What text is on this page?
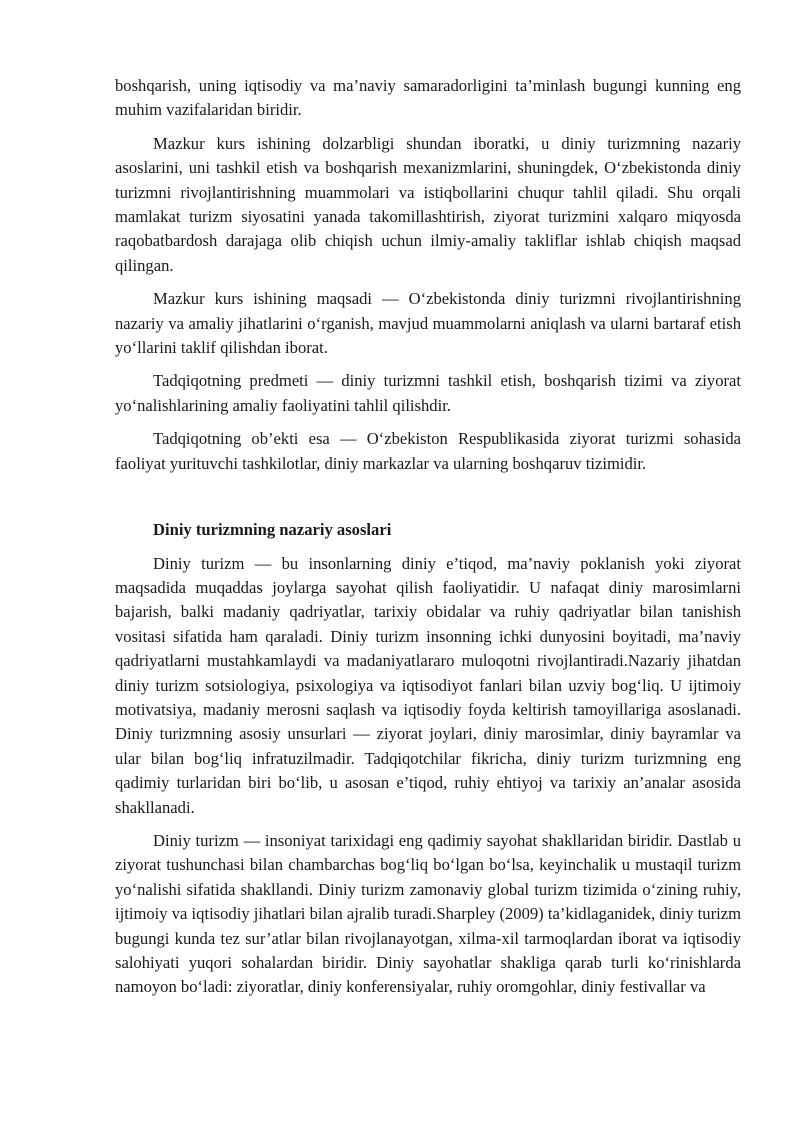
boshqarish, uning iqtisodiy va ma’naviy samaradorligini ta’minlash bugungi kunning eng muhim vazifalaridan biridir.

Mazkur kurs ishining dolzarbligi shundan iboratki, u diniy turizmning nazariy asoslarini, uni tashkil etish va boshqarish mexanizmlarini, shuningdek, O‘zbekistonda diniy turizmni rivojlantirishning muammolari va istiqbollarini chuqur tahlil qiladi. Shu orqali mamlakat turizm siyosatini yanada takomillashtirish, ziyorat turizmini xalqaro miqyosda raqobatbardosh darajaga olib chiqish uchun ilmiy-amaliy takliflar ishlab chiqish maqsad qilingan.

Mazkur kurs ishining maqsadi — O‘zbekistonda diniy turizmni rivojlantirishning nazariy va amaliy jihatlarini o‘rganish, mavjud muammolarni aniqlash va ularni bartaraf etish yo‘llarini taklif qilishdan iborat.

Tadqiqotning predmeti — diniy turizmni tashkil etish, boshqarish tizimi va ziyorat yo‘nalishlarining amaliy faoliyatini tahlil qilishdir.

Tadqiqotning ob’ekti esa — O‘zbekiston Respublikasida ziyorat turizmi sohasida faoliyat yurituvchi tashkilotlar, diniy markazlar va ularning boshqaruv tizimidir.

Diniy turizmning nazariy asoslari

Diniy turizm — bu insonlarning diniy e’tiqod, ma’naviy poklanish yoki ziyorat maqsadida muqaddas joylarga sayohat qilish faoliyatidir. U nafaqat diniy marosimlarni bajarish, balki madaniy qadriyatlar, tarixiy obidalar va ruhiy qadriyatlar bilan tanishish vositasi sifatida ham qaraladi. Diniy turizm insonning ichki dunyosini boyitadi, ma’naviy qadriyatlarni mustahkamlaydi va madaniyatlararo muloqotni rivojlantiradi.Nazariy jihatdan diniy turizm sotsiologiya, psixologiya va iqtisodiyot fanlari bilan uzviy bog‘liq. U ijtimoiy motivatsiya, madaniy merosni saqlash va iqtisodiy foyda keltirish tamoyillariga asoslanadi. Diniy turizmning asosiy unsurlari — ziyorat joylari, diniy marosimlar, diniy bayramlar va ular bilan bog‘liq infratuzilmadir. Tadqiqotchilar fikricha, diniy turizm turizmning eng qadimiy turlaridan biri bo‘lib, u asosan e’tiqod, ruhiy ehtiyoj va tarixiy an’analar asosida shakllanadi.

Diniy turizm — insoniyat tarixidagi eng qadimiy sayohat shakllaridan biridir. Dastlab u ziyorat tushunchasi bilan chambarchas bog‘liq bo‘lgan bo‘lsa, keyinchalik u mustaqil turizm yo‘nalishi sifatida shakllandi. Diniy turizm zamonaviy global turizm tizimida o‘zining ruhiy, ijtimoiy va iqtisodiy jihatlari bilan ajralib turadi.Sharpley (2009) ta’kidlaganidek, diniy turizm bugungi kunda tez sur’atlar bilan rivojlanayotgan, xilma-xil tarmoqlardan iborat va iqtisodiy salohiyati yuqori sohalardan biridir. Diniy sayohatlar shakliga qarab turli ko‘rinishlarda namoyon bo‘ladi: ziyoratlar, diniy konferensiyalar, ruhiy oromgohlar, diniy festivallar va
